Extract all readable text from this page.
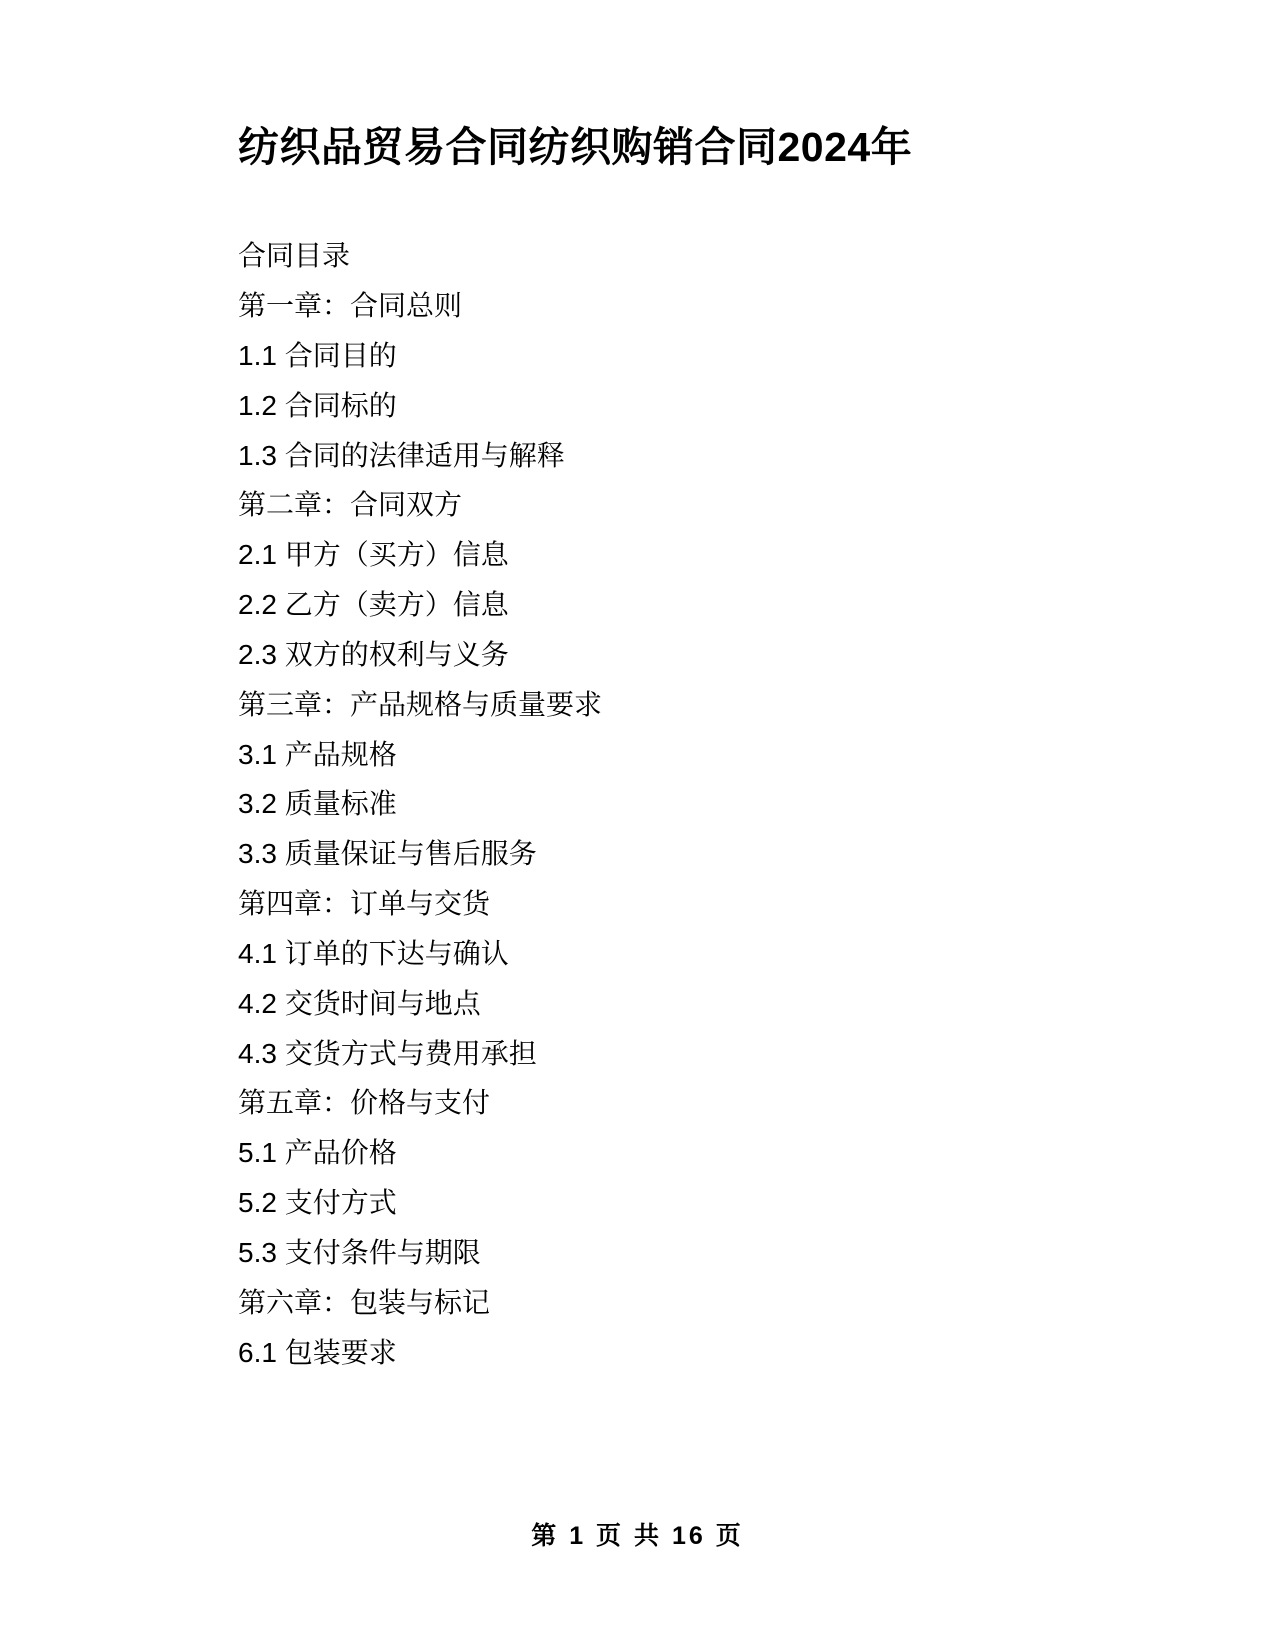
纺织品贸易合同纺织购销合同2024年
合同目录
第一章：合同总则
1.1 合同目的
1.2 合同标的
1.3 合同的法律适用与解释
第二章：合同双方
2.1 甲方（买方）信息
2.2 乙方（卖方）信息
2.3 双方的权利与义务
第三章：产品规格与质量要求
3.1 产品规格
3.2 质量标准
3.3 质量保证与售后服务
第四章：订单与交货
4.1 订单的下达与确认
4.2 交货时间与地点
4.3 交货方式与费用承担
第五章：价格与支付
5.1 产品价格
5.2 支付方式
5.3 支付条件与期限
第六章：包装与标记
6.1 包装要求
第 1 页 共 16 页
